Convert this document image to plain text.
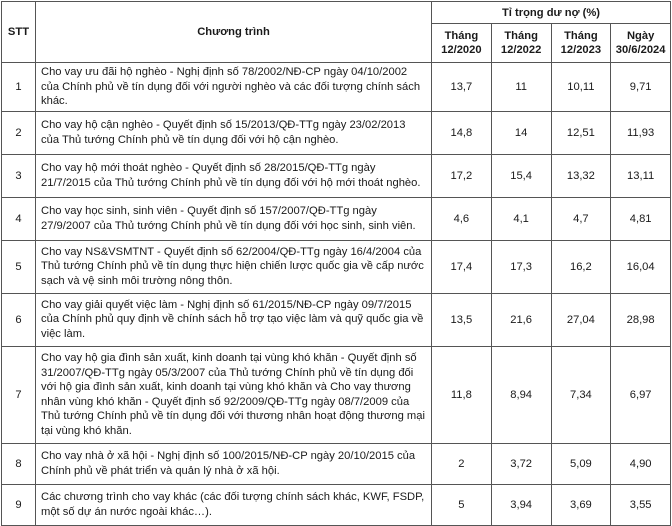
STT	Chương trình	Tỉ trọng dư nợ (%)			
		Tháng 12/2020	Tháng 12/2022	Tháng 12/2023	Ngày 30/6/2024
1	Cho vay ưu đãi hộ nghèo - Nghị định số 78/2002/NĐ-CP ngày 04/10/2002 của Chính phủ về tín dụng đối với người nghèo và các đối tượng chính sách khác.	13,7	11	10,11	9,71
2	Cho vay hộ cận nghèo - Quyết định số 15/2013/QĐ-TTg ngày 23/02/2013 của Thủ tướng Chính phủ về tín dụng đối với hộ cận nghèo.	14,8	14	12,51	11,93
3	Cho vay hộ mới thoát nghèo - Quyết định số 28/2015/QĐ-TTg ngày 21/7/2015 của Thủ tướng Chính phủ về tín dụng đối với hộ mới thoát nghèo.	17,2	15,4	13,32	13,11
4	Cho vay học sinh, sinh viên - Quyết định số 157/2007/QĐ-TTg ngày 27/9/2007 của Thủ tướng Chính phủ về tín dụng đối với học sinh, sinh viên.	4,6	4,1	4,7	4,81
5	Cho vay NS&VSMTNT - Quyết định số 62/2004/QĐ-TTg ngày 16/4/2004 của Thủ tướng Chính phủ về tín dụng thực hiện chiến lược quốc gia về cấp nước sạch và vệ sinh môi trường nông thôn.	17,4	17,3	16,2	16,04
6	Cho vay giải quyết việc làm - Nghị định số 61/2015/NĐ-CP ngày 09/7/2015 của Chính phủ quy định về chính sách hỗ trợ tạo việc làm và quỹ quốc gia về việc làm.	13,5	21,6	27,04	28,98
7	Cho vay hộ gia đình sản xuất, kinh doanh tại vùng khó khăn - Quyết định số 31/2007/QĐ-TTg ngày 05/3/2007 của Thủ tướng Chính phủ về tín dụng đối với hộ gia đình sản xuất, kinh doanh tại vùng khó khăn và Cho vay thương nhân vùng khó khăn - Quyết định số 92/2009/QĐ-TTg ngày 08/7/2009 của Thủ tướng Chính phủ về tín dụng đối với thương nhân hoạt động thương mại tại vùng khó khăn.	11,8	8,94	7,34	6,97
8	Cho vay nhà ở xã hội - Nghị định số 100/2015/NĐ-CP ngày 20/10/2015 của Chính phủ về phát triển và quản lý nhà ở xã hội.	2	3,72	5,09	4,90
9	Các chương trình cho vay khác (các đối tượng chính sách khác, KWF, FSDP, một số dự án nước ngoài khác…).	5	3,94	3,69	3,55
